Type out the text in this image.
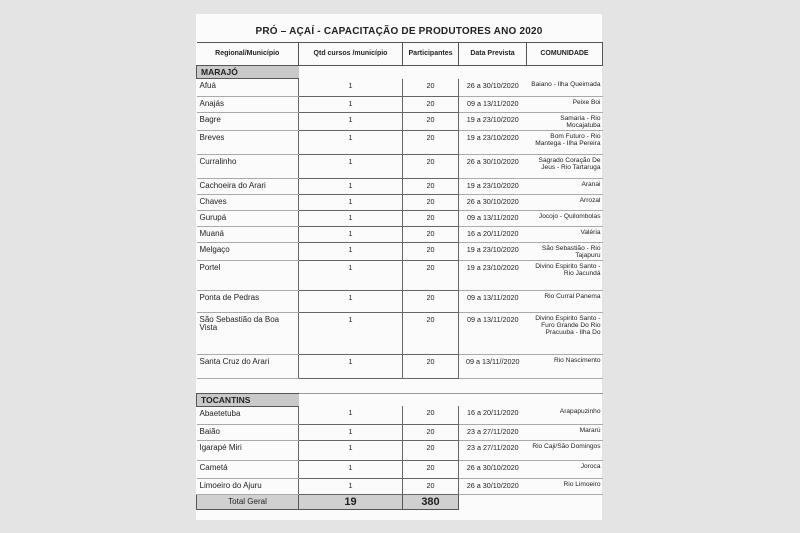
PRÓ – AÇAÍ - CAPACITAÇÃO DE PRODUTORES ANO 2020
Regional/Município	Qtd cursos /município	Participantes	Data Prevista	COMUNIDADE
MARAJÓ				
Afuá	1	20	26 a 30/10/2020	Baiano - Ilha Queimada
Anajás	1	20	09 a 13/11/2020	Peixe Boi
Bagre	1	20	19 a 23/10/2020	Samaria - Rio Mocajatuba
Breves	1	20	19 a 23/10/2020	Bom Futuro - Rio Mantega - Ilha Pereira
Curralinho	1	20	26 a 30/10/2020	Sagrado Coração De Jeus - Rio Tartaruga
Cachoeira do Arari	1	20	19 a 23/10/2020	Aranai
Chaves	1	20	26 a 30/10/2020	Arrozal
Gurupá	1	20	09 a 13/11/2020	Jocojo - Quilombolas
Muaná	1	20	16 a 20/11/2020	Valéria
Melgaço	1	20	19 a 23/10/2020	São Sebastião - Rio Tajapuru
Portel	1	20	19 a 23/10/2020	Divino Espirito Santo - Rio Jacundá
Ponta de Pedras	1	20	09 a 13/11/2020	Rio Curral Panema
São Sebastião da Boa Vista	1	20	09 a 13/11/2020	Divino Espirito Santo - Furo Grande Do Rio Pracuuba - Ilha Do
Santa Cruz do Arari	1	20	09 a 13/11//2020	Rio Nascimento

TOCANTINS				
Abaetetuba	1	20	16 a 20/11/2020	Arapapuzinho
Baião	1	20	23 a 27/11/2020	Mararú
Igarapé Miri	1	20	23 a 27/11/2020	Rio Caji/São Domingos
Cametá	1	20	26 a 30/10/2020	Joroca
Limoeiro do Ajuru	1	20	26 a 30/10/2020	Rio Limoeiro
Total Geral	19	380		
